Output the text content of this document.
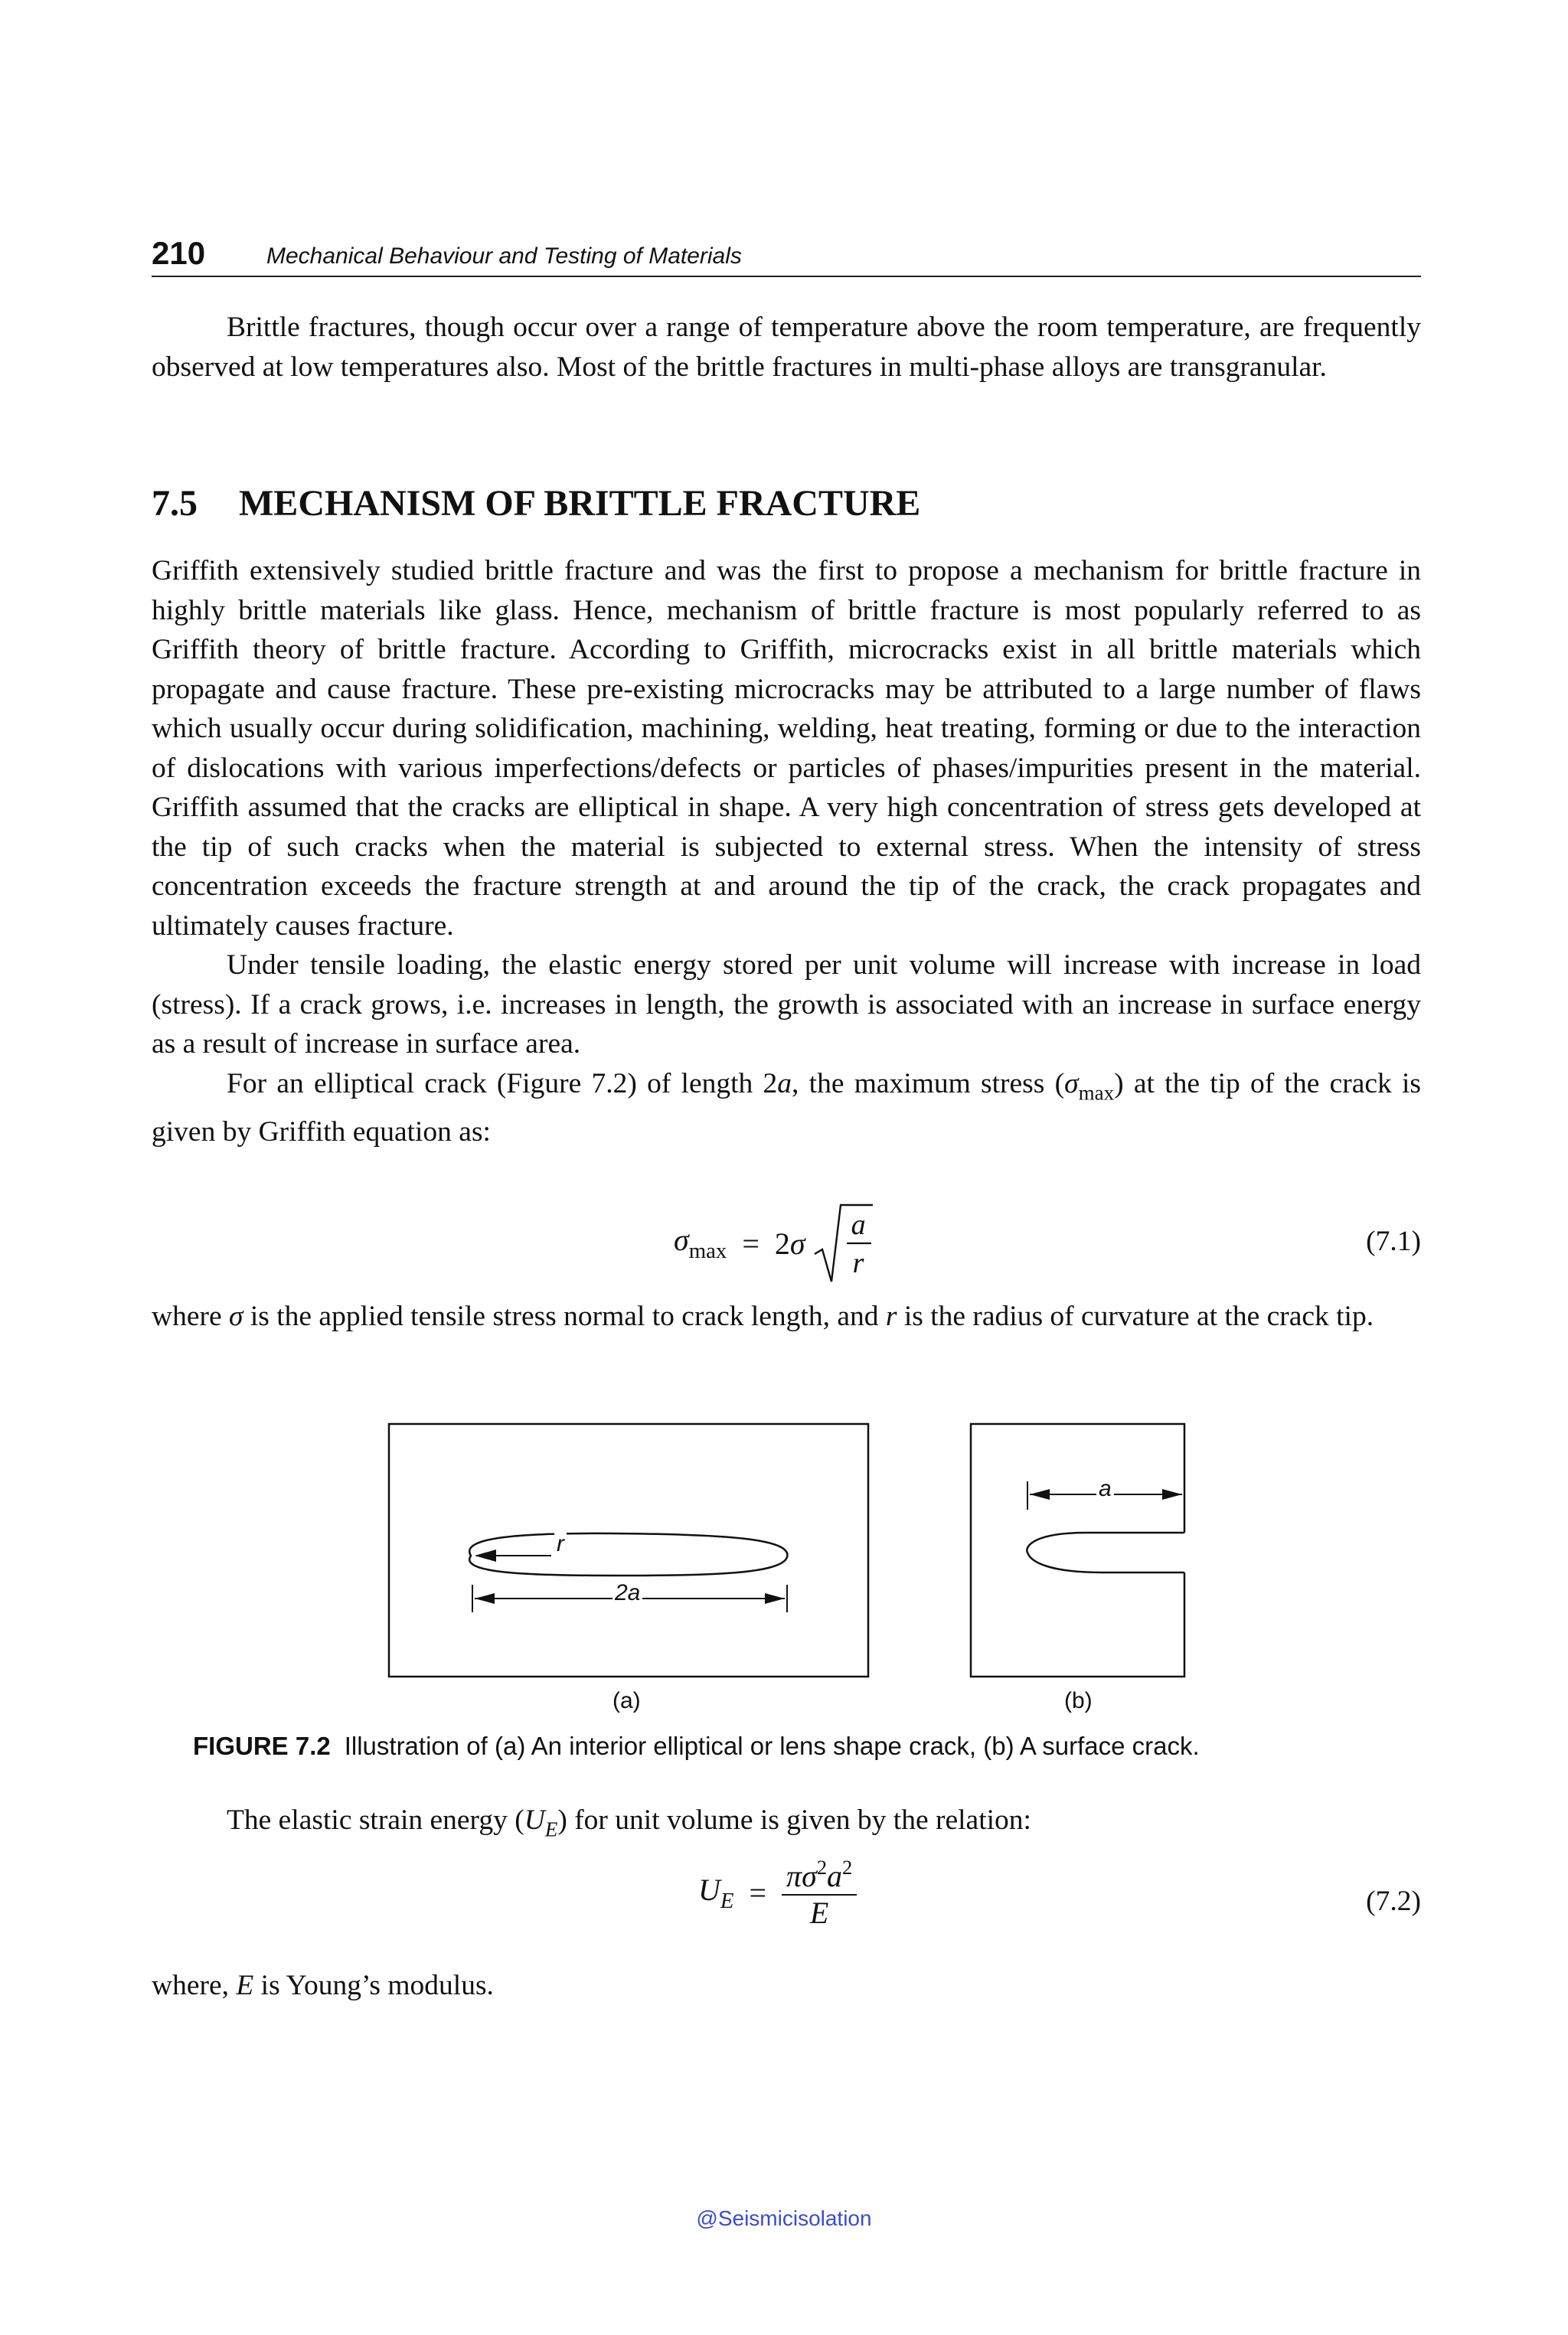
210	Mechanical Behaviour and Testing of Materials

Brittle fractures, though occur over a range of temperature above the room temperature, are frequently observed at low temperatures also. Most of the brittle fractures in multi-phase alloys are transgranular.

7.5 MECHANISM OF BRITTLE FRACTURE

Griffith extensively studied brittle fracture and was the first to propose a mechanism for brittle fracture in highly brittle materials like glass. Hence, mechanism of brittle fracture is most popularly referred to as Griffith theory of brittle fracture. According to Griffith, microcracks exist in all brittle materials which propagate and cause fracture. These pre-existing microcracks may be attributed to a large number of flaws which usually occur during solidification, machining, welding, heat treating, forming or due to the interaction of dislocations with various imperfections/defects or particles of phases/impurities present in the material. Griffith assumed that the cracks are elliptical in shape. A very high concentration of stress gets developed at the tip of such cracks when the material is subjected to external stress. When the intensity of stress concentration exceeds the fracture strength at and around the tip of the crack, the crack propagates and ultimately causes fracture.

Under tensile loading, the elastic energy stored per unit volume will increase with increase in load (stress). If a crack grows, i.e. increases in length, the growth is associated with an increase in surface energy as a result of increase in surface area.

For an elliptical crack (Figure 7.2) of length 2a, the maximum stress $(\sigma_{max})$ at the tip of the crack is given by Griffith equation as:

$\sigma_{max} = 2\sigma$
a
r
(7.1)

where σ is the applied tensile stress normal to crack length, and r is the radius of curvature at the crack tip.

r
2a
a
(a)	(b)
FIGURE 7.2 Illustration of (a) An interior elliptical or lens shape crack, (b) A surface crack.

The elastic strain energy $(U_E)$ for unit volume is given by the relation:

$U_E = \frac{\pi\sigma^2a^2}{E}$	(7.2)

where, E is Young’s modulus.

@Seismicisolation
